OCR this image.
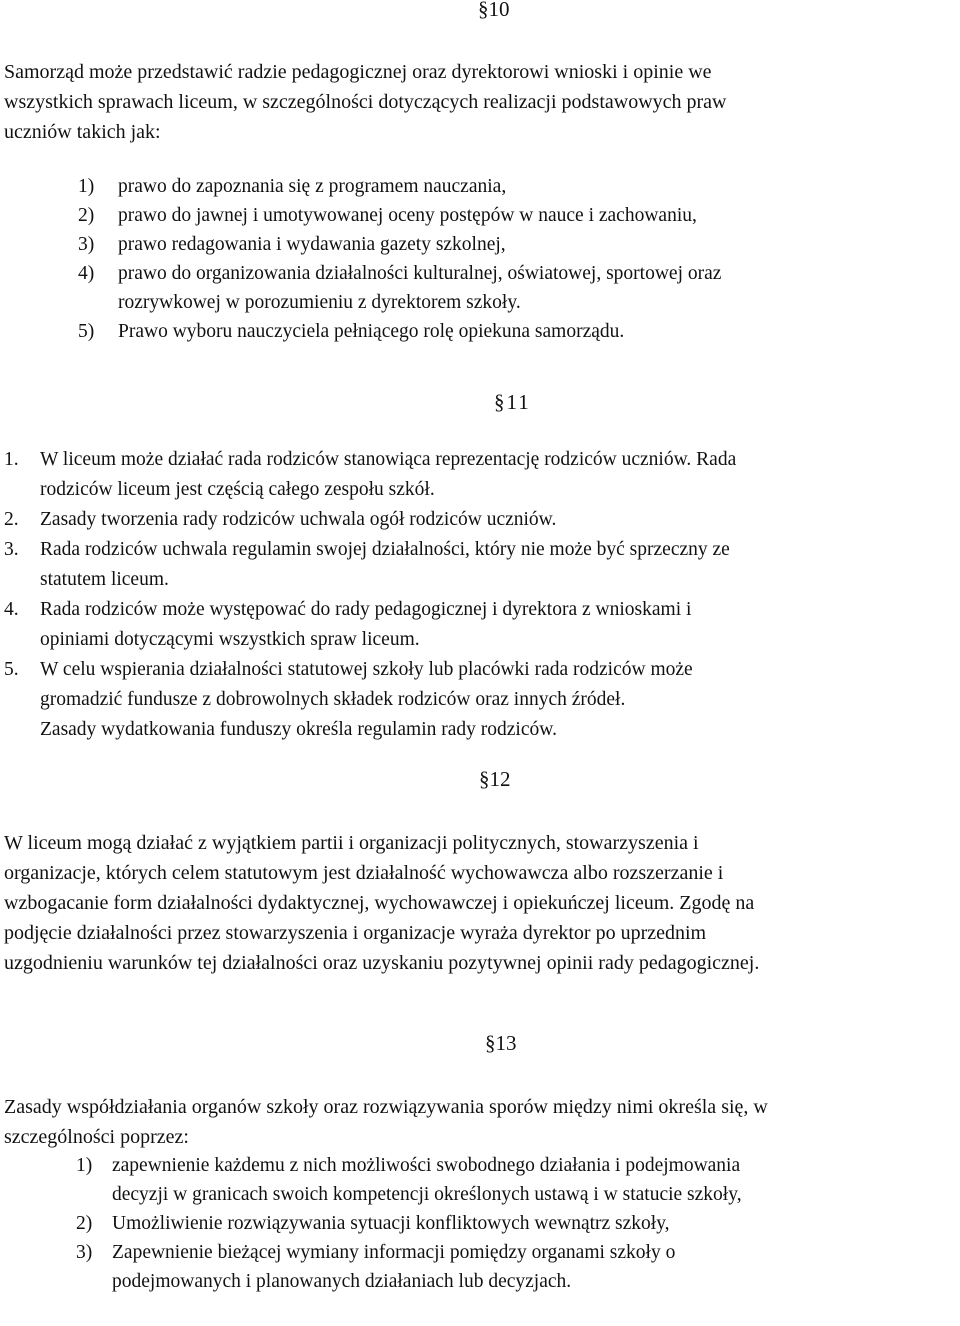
§10
Samorząd może przedstawić radzie pedagogicznej oraz dyrektorowi wnioski i opinie we
wszystkich sprawach liceum, w szczególności dotyczących realizacji podstawowych praw
uczniów takich jak:
1) prawo do zapoznania się z programem nauczania,
2) prawo do jawnej i umotywowanej oceny postępów w nauce i zachowaniu,
3) prawo redagowania i wydawania gazety szkolnej,
4) prawo do organizowania działalności kulturalnej, oświatowej, sportowej oraz
rozrywkowej w porozumieniu z dyrektorem szkoły.
5) Prawo wyboru nauczyciela pełniącego rolę opiekuna samorządu.
§11
1. W liceum może działać rada rodziców stanowiąca reprezentację rodziców uczniów. Rada
rodziców liceum jest częścią całego zespołu szkół.
2. Zasady tworzenia rady rodziców uchwala ogół rodziców uczniów.
3. Rada rodziców uchwala regulamin swojej działalności, który nie może być sprzeczny ze
statutem liceum.
4. Rada rodziców może występować do rady pedagogicznej i dyrektora z wnioskami i
opiniami dotyczącymi wszystkich spraw liceum.
5. W celu wspierania działalności statutowej szkoły lub placówki rada rodziców może
gromadzić fundusze z dobrowolnych składek rodziców oraz innych źródeł.
Zasady wydatkowania funduszy określa regulamin rady rodziców.
§12
W liceum mogą działać z wyjątkiem partii i organizacji politycznych, stowarzyszenia i
organizacje, których celem statutowym jest działalność wychowawcza albo rozszerzanie i
wzbogacanie form działalności dydaktycznej, wychowawczej i opiekuńczej liceum. Zgodę na
podjęcie działalności przez stowarzyszenia i organizacje wyraża dyrektor po uprzednim
uzgodnieniu warunków tej działalności oraz uzyskaniu pozytywnej opinii rady pedagogicznej.
§13
Zasady współdziałania organów szkoły oraz rozwiązywania sporów między nimi określa się, w
szczególności poprzez:
1) zapewnienie każdemu z nich możliwości swobodnego działania i podejmowania
decyzji w granicach swoich kompetencji określonych ustawą i w statucie szkoły,
2) Umożliwienie rozwiązywania sytuacji konfliktowych wewnątrz szkoły,
3) Zapewnienie bieżącej wymiany informacji pomiędzy organami szkoły o
podejmowanych i planowanych działaniach lub decyzjach.
